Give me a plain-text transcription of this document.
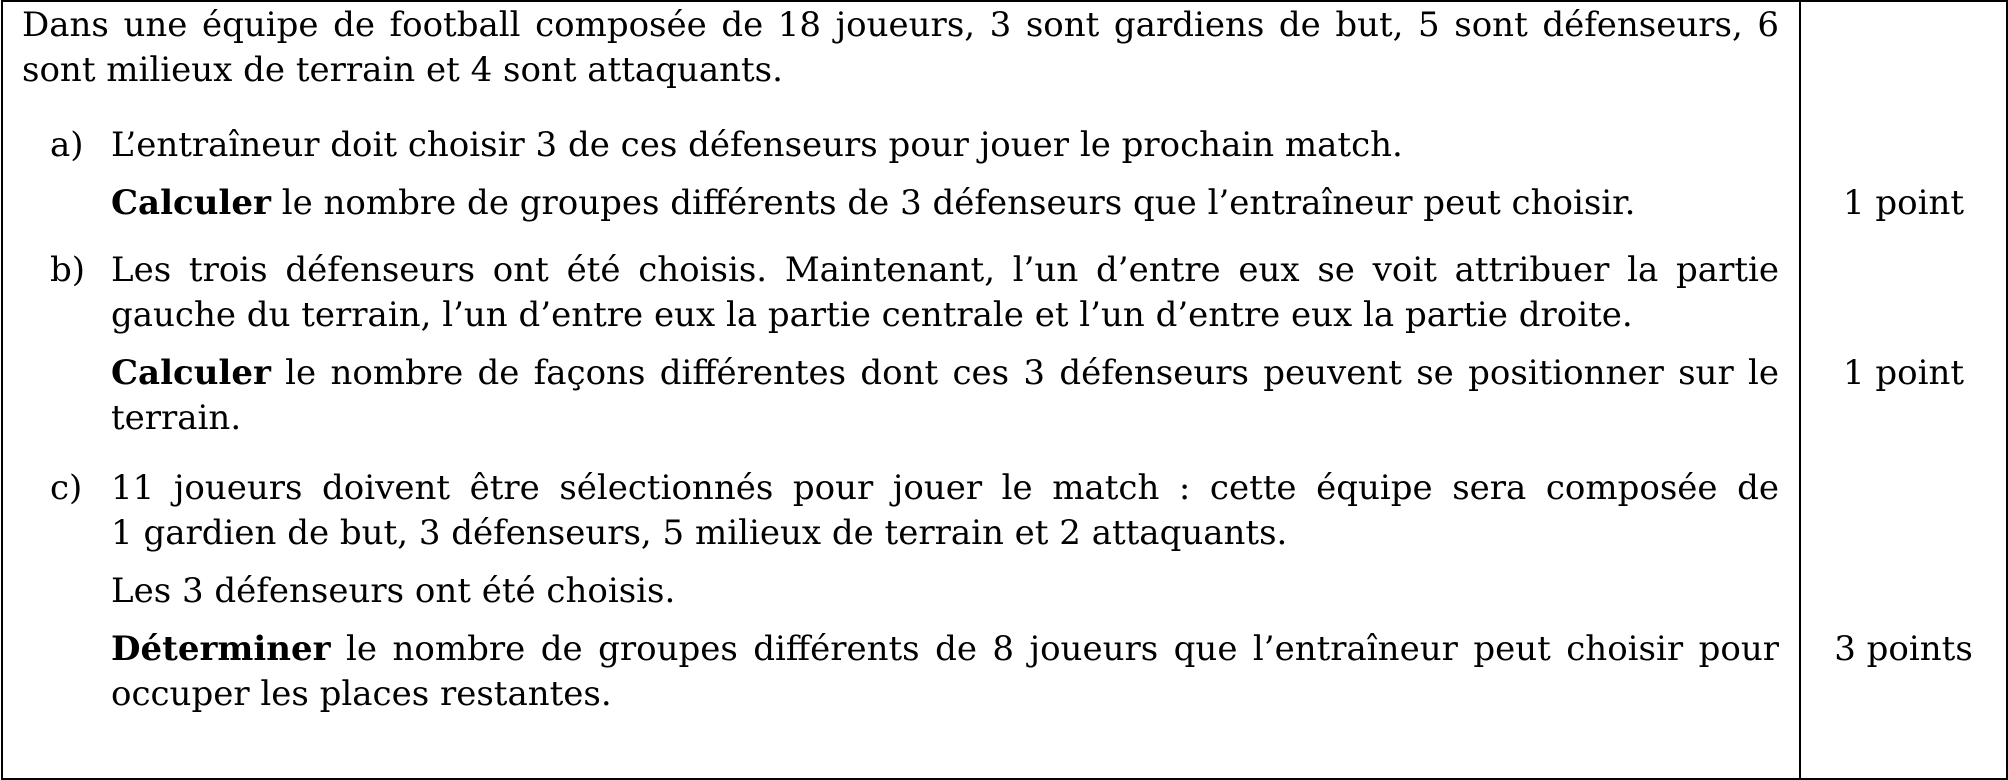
Dans une équipe de football composée de 18 joueurs, 3 sont gardiens de but, 5 sont défenseurs, 6
sont milieux de terrain et 4 sont attaquants.
a) L’entraîneur doit choisir 3 de ces défenseurs pour jouer le prochain match.
Calculer le nombre de groupes différents de 3 défenseurs que l’entraîneur peut choisir.	1 point
b) Les trois défenseurs ont été choisis. Maintenant, l’un d’entre eux se voit attribuer la partie
gauche du terrain, l’un d’entre eux la partie centrale et l’un d’entre eux la partie droite.
Calculer le nombre de façons différentes dont ces 3 défenseurs peuvent se positionner sur le
terrain.
1 point
c) 11 joueurs doivent être sélectionnés pour jouer le match : cette équipe sera composée de
1 gardien de but, 3 défenseurs, 5 milieux de terrain et 2 attaquants.
Les 3 défenseurs ont été choisis.
Déterminer le nombre de groupes différents de 8 joueurs que l’entraîneur peut choisir pour
occuper les places restantes.
3 points
